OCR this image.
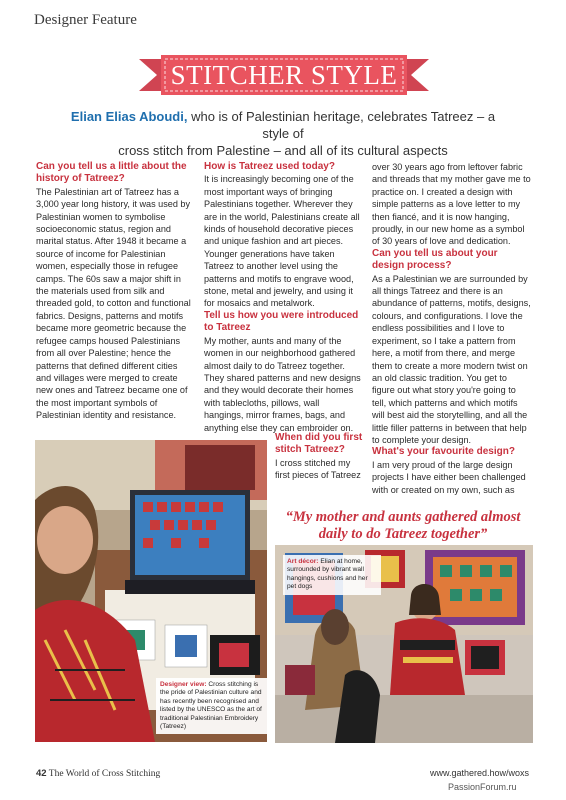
Designer Feature
STITCHER STYLE
Elian Elias Aboudi, who is of Palestinian heritage, celebrates Tatreez – a style of
cross stitch from Palestine – and all of its cultural aspects

Can you tell us a little about the history of Tatreez?

The Palestinian art of Tatreez has a 3,000 year long history, it was used by Palestinian women to symbolise socioeconomic status, region and marital status. After 1948 it became a source of income for Palestinian women, especially those in refugee camps. The 60s saw a major shift in the materials used from silk and threaded gold, to cotton and functional fabrics. Designs, patterns and motifs became more geometric because the refugee camps housed Palestinians from all over Palestine; hence the patterns that defined different cities and villages were merged to create new ones and Tatreez became one of the most important symbols of Palestinian identity and resistance.

How is Tatreez used today?

It is increasingly becoming one of the most important ways of bringing Palestinians together. Wherever they are in the world, Palestinians create all kinds of household decorative pieces and unique fashion and art pieces. Younger generations have taken Tatreez to another level using the patterns and motifs to engrave wood, stone, metal and jewelry, and using it for mosaics and metalwork.

Tell us how you were introduced to Tatreez

My mother, aunts and many of the women in our neighborhood gathered almost daily to do Tatreez together. They shared patterns and new designs and they would decorate their homes with tablecloths, pillows, wall hangings, mirror frames, bags, and anything else they can embroider on.

When did you first stitch Tatreez?

I cross stitched my first pieces of Tatreez

over 30 years ago from leftover fabric and threads that my mother gave me to practice on. I created a design with simple patterns as a love letter to my then fiancé, and it is now hanging, proudly, in our new home as a symbol of 30 years of love and dedication.

Can you tell us about your design process?

As a Palestinian we are surrounded by all things Tatreez and there is an abundance of patterns, motifs, designs, colours, and configurations. I love the endless possibilities and I love to experiment, so I take a pattern from here, a motif from there, and merge them to create a more modern twist on an old classic tradition. You get to figure out what story you're going to tell, which patterns and which motifs will best aid the storytelling, and all the little filler patterns in between that help to complete your design.

What's your favourite design?

I am very proud of the large design projects I have either been challenged with or created on my own, such as

“My mother and aunts gathered almost daily to do Tatreez together”
Designer view: Cross stitching is the pride of Palestinian culture and has recently been recognised and listed by the UNESCO as the art of traditional Palestinian Embroidery (Tatreez)
Art décor: Elian at home, surrounded by vibrant wall hangings, cushions and her pet dogs
42 The World of Cross Stitching	www.gathered.how/woxs
PassionForum.ru
